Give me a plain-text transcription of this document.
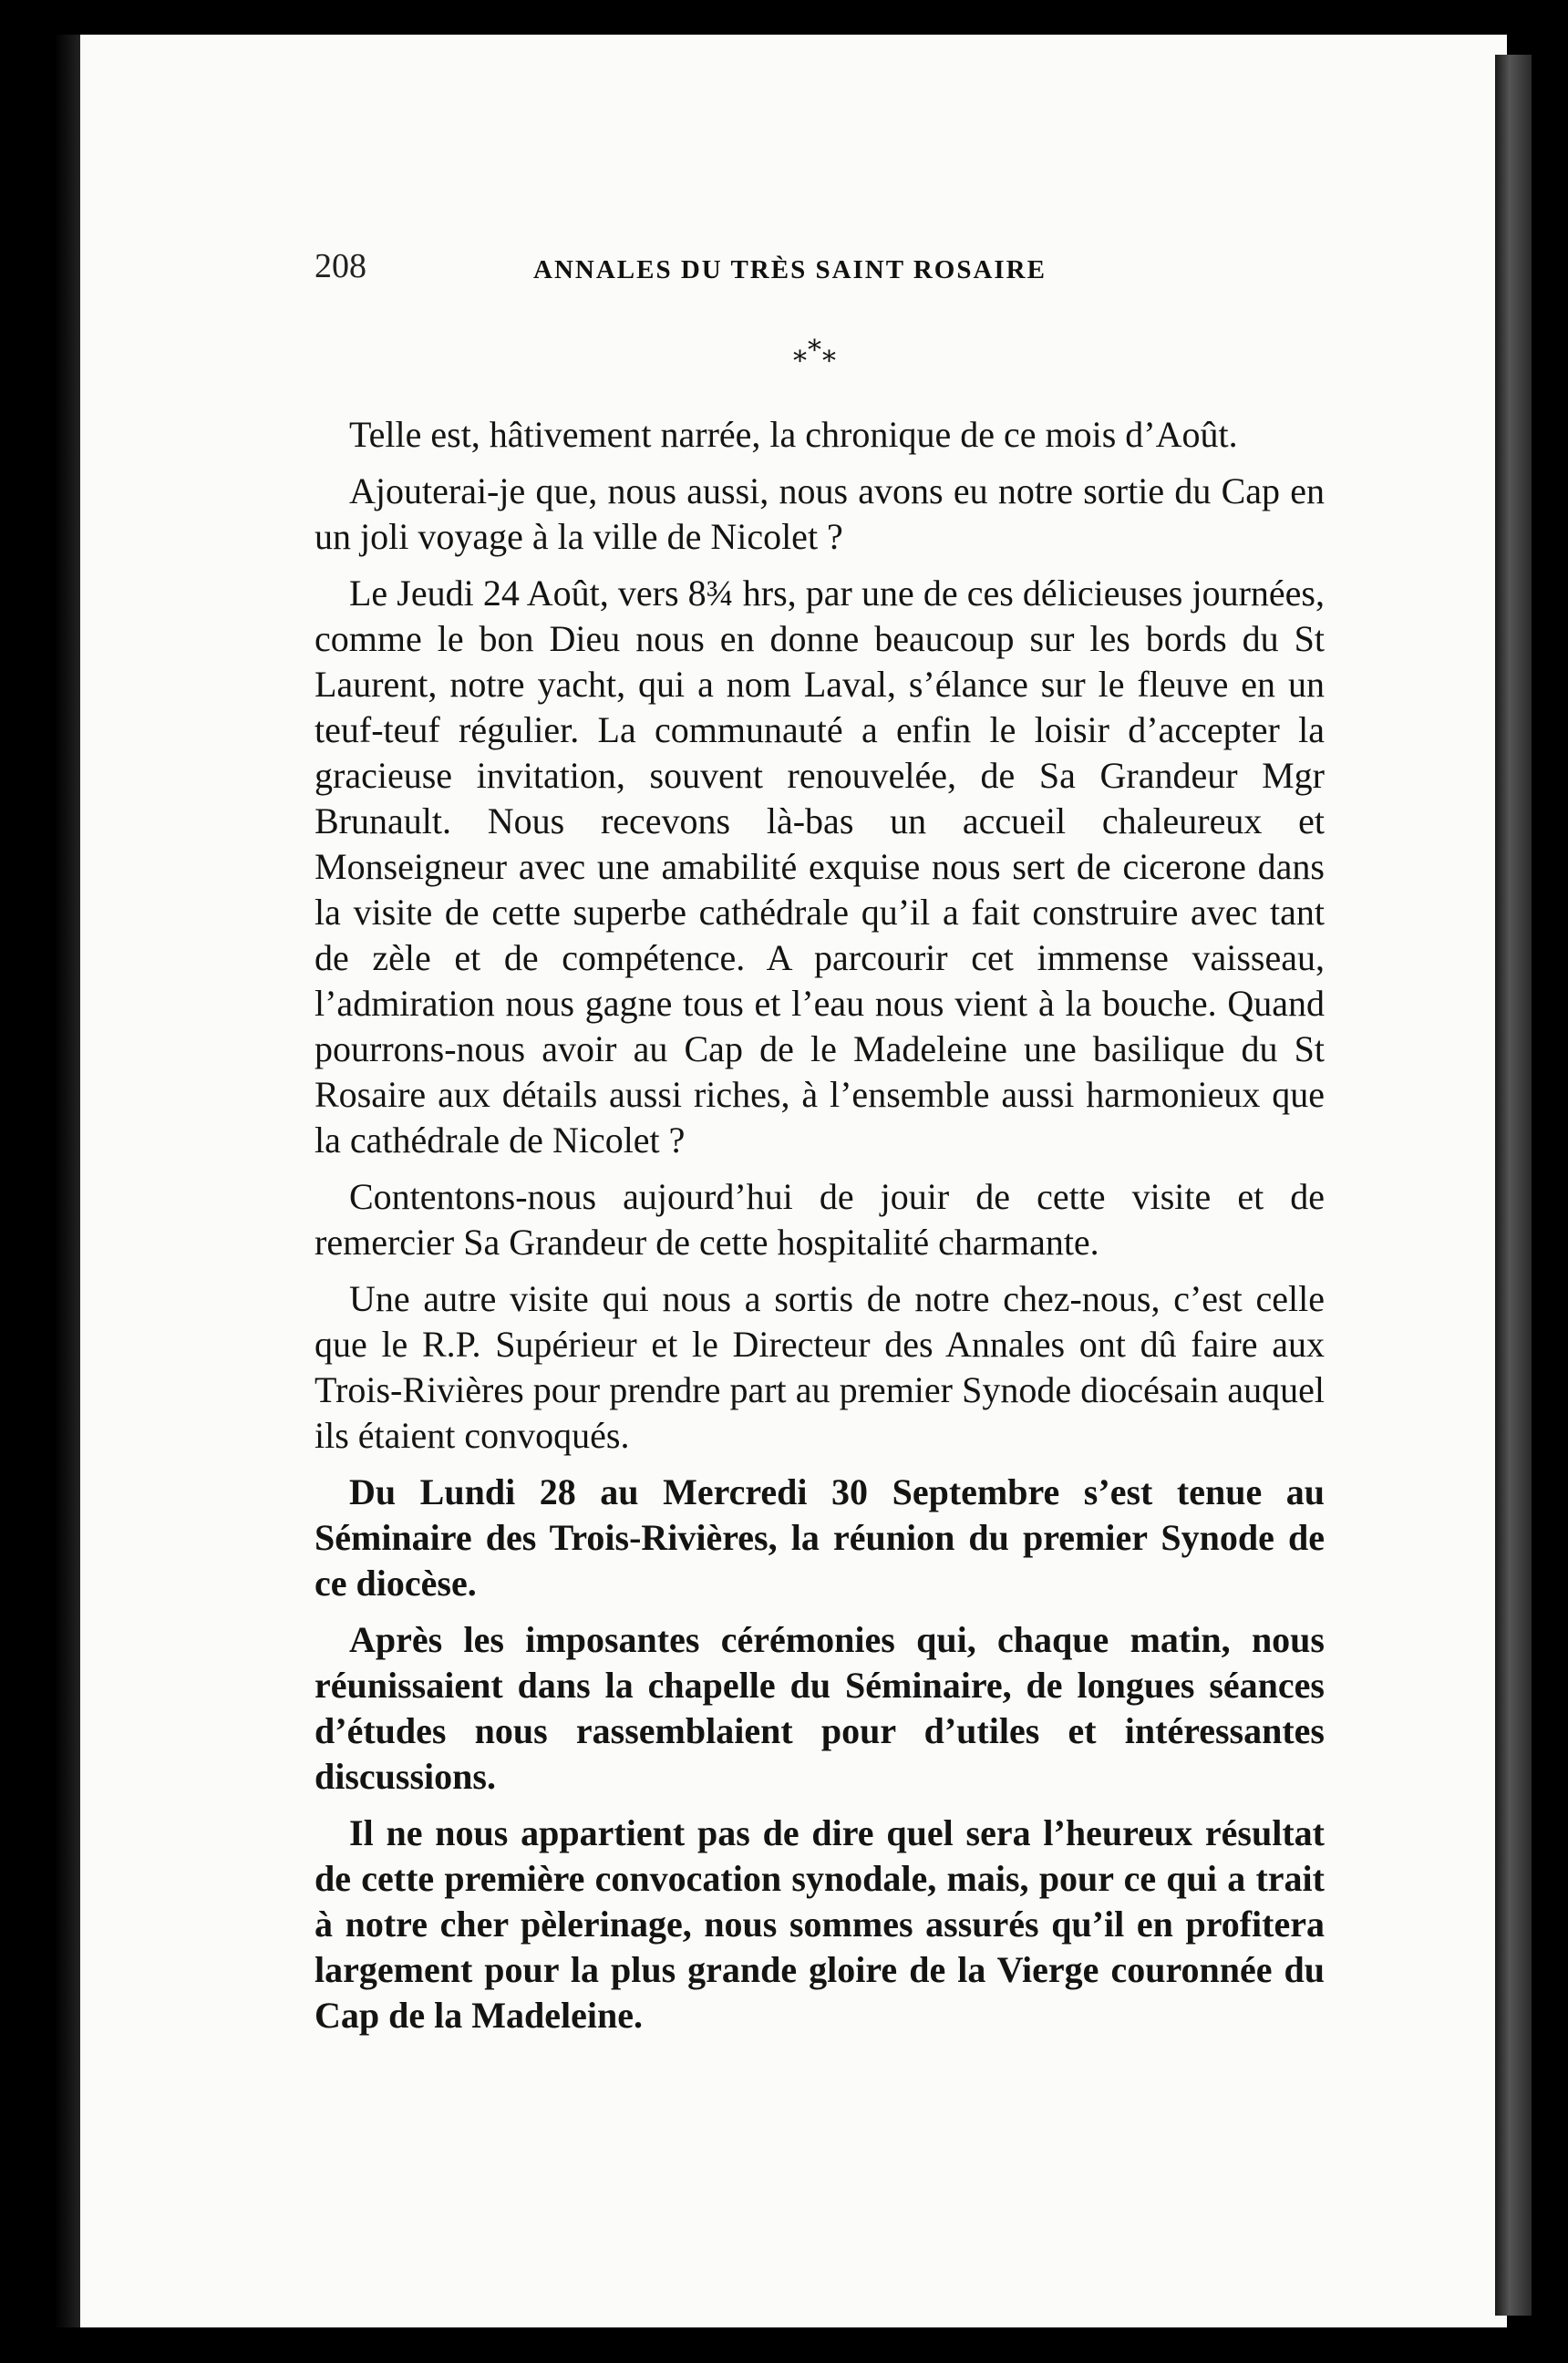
208	ANNALES DU TRÈS SAINT ROSAIRE
* * *

Telle est, hâtivement narrée, la chronique de ce mois d’Août.

Ajouterai-je que, nous aussi, nous avons eu notre sortie du Cap en un joli voyage à la ville de Nicolet ?

Le Jeudi 24 Août, vers 8¾ hrs, par une de ces délicieuses journées, comme le bon Dieu nous en donne beaucoup sur les bords du St Laurent, notre yacht, qui a nom Laval, s’élance sur le fleuve en un teuf-teuf régulier. La communauté a enfin le loisir d’accepter la gracieuse invitation, souvent renouvelée, de Sa Grandeur Mgr Brunault. Nous recevons là-bas un accueil chaleureux et Monseigneur avec une amabilité exquise nous sert de cicerone dans la visite de cette superbe cathédrale qu’il a fait construire avec tant de zèle et de compétence. A parcourir cet immense vaisseau, l’admiration nous gagne tous et l’eau nous vient à la bouche. Quand pourrons-nous avoir au Cap de le Madeleine une basilique du St Rosaire aux détails aussi riches, à l’ensemble aussi harmonieux que la cathédrale de Nicolet ?

Contentons-nous aujourd’hui de jouir de cette visite et de remercier Sa Grandeur de cette hospitalité charmante.

Une autre visite qui nous a sortis de notre chez-nous, c’est celle que le R.P. Supérieur et le Directeur des Annales ont dû faire aux Trois-Rivières pour prendre part au premier Synode diocésain auquel ils étaient convoqués.

Du Lundi 28 au Mercredi 30 Septembre s’est tenue au Séminaire des Trois-Rivières, la réunion du premier Synode de ce diocèse.

Après les imposantes cérémonies qui, chaque matin, nous réunissaient dans la chapelle du Séminaire, de longues séances d’études nous rassemblaient pour d’utiles et intéressantes discussions.

Il ne nous appartient pas de dire quel sera l’heureux résultat de cette première convocation synodale, mais, pour ce qui a trait à notre cher pèlerinage, nous sommes assurés qu’il en profitera largement pour la plus grande gloire de la Vierge couronnée du Cap de la Madeleine.
